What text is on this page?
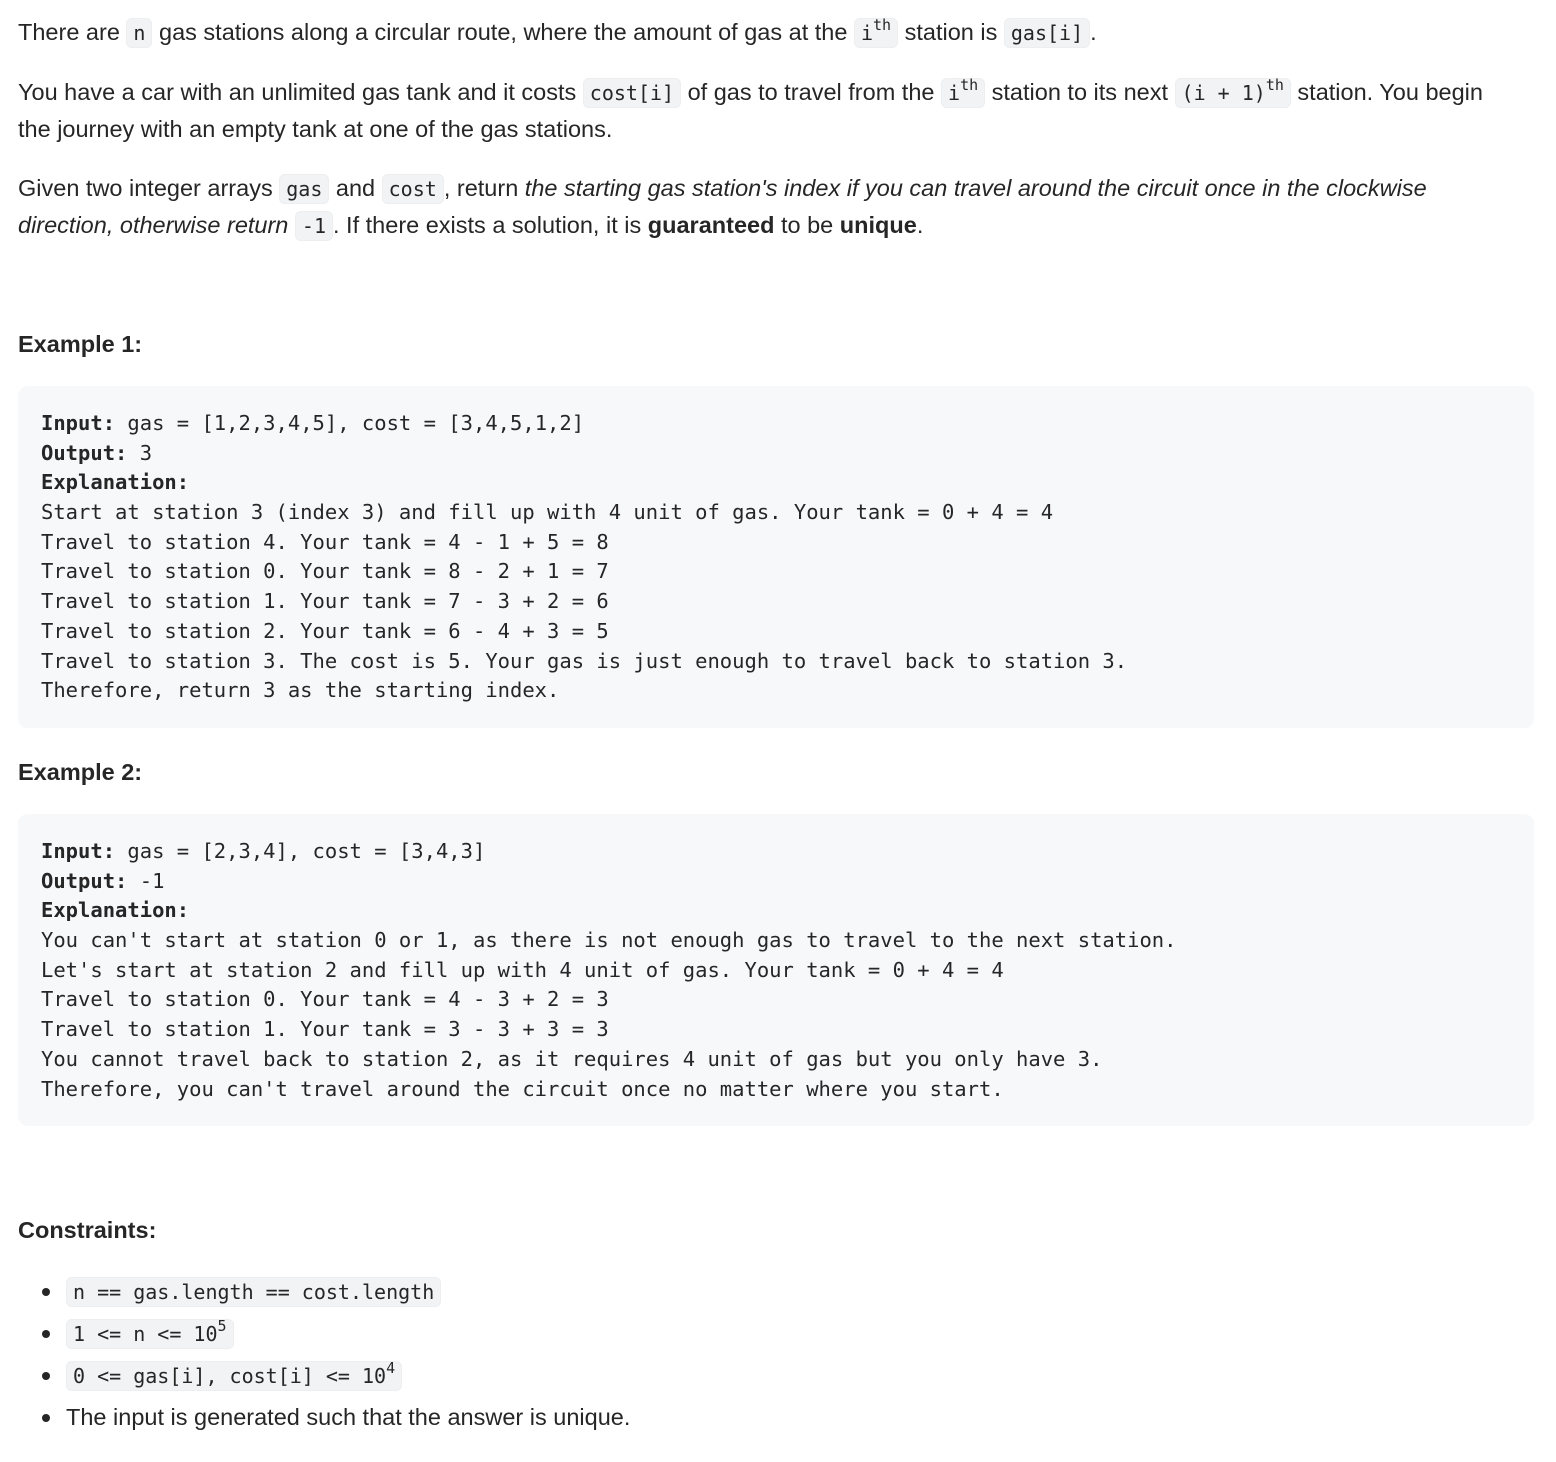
There are n gas stations along a circular route, where the amount of gas at the $i^{th}$ station is gas[i] .

You have a car with an unlimited gas tank and it costs cost[i] of gas to travel from the $i^{th}$ station to its next $(i + 1)^{th}$ station. You begin the journey with an empty tank at one of the gas stations.

Given two integer arrays gas and cost , return the starting gas station's index if you can travel around the circuit once in the clockwise direction, otherwise return -1 . If there exists a solution, it is guaranteed to be unique.

Example 1:
Input: gas = [1,2,3,4,5], cost = [3,4,5,1,2]
Output: 3
Explanation:
Start at station 3 (index 3) and fill up with 4 unit of gas. Your tank = 0 + 4 = 4
Travel to station 4. Your tank = 4 - 1 + 5 = 8
Travel to station 0. Your tank = 8 - 2 + 1 = 7
Travel to station 1. Your tank = 7 - 3 + 2 = 6
Travel to station 2. Your tank = 6 - 4 + 3 = 5
Travel to station 3. The cost is 5. Your gas is just enough to travel back to station 3.
Therefore, return 3 as the starting index.
Example 2:
Input: gas = [2,3,4], cost = [3,4,3]
Output: -1
Explanation:
You can't start at station 0 or 1, as there is not enough gas to travel to the next station.
Let's start at station 2 and fill up with 4 unit of gas. Your tank = 0 + 4 = 4
Travel to station 0. Your tank = 4 - 3 + 2 = 3
Travel to station 1. Your tank = 3 - 3 + 3 = 3
You cannot travel back to station 2, as it requires 4 unit of gas but you only have 3.
Therefore, you can't travel around the circuit once no matter where you start.
Constraints:
n == gas.length == cost.length
$1 <= n <= 10^5$
0 <= gas[i], $\cos t[i] <= 10^4$
The input is generated such that the answer is unique.
